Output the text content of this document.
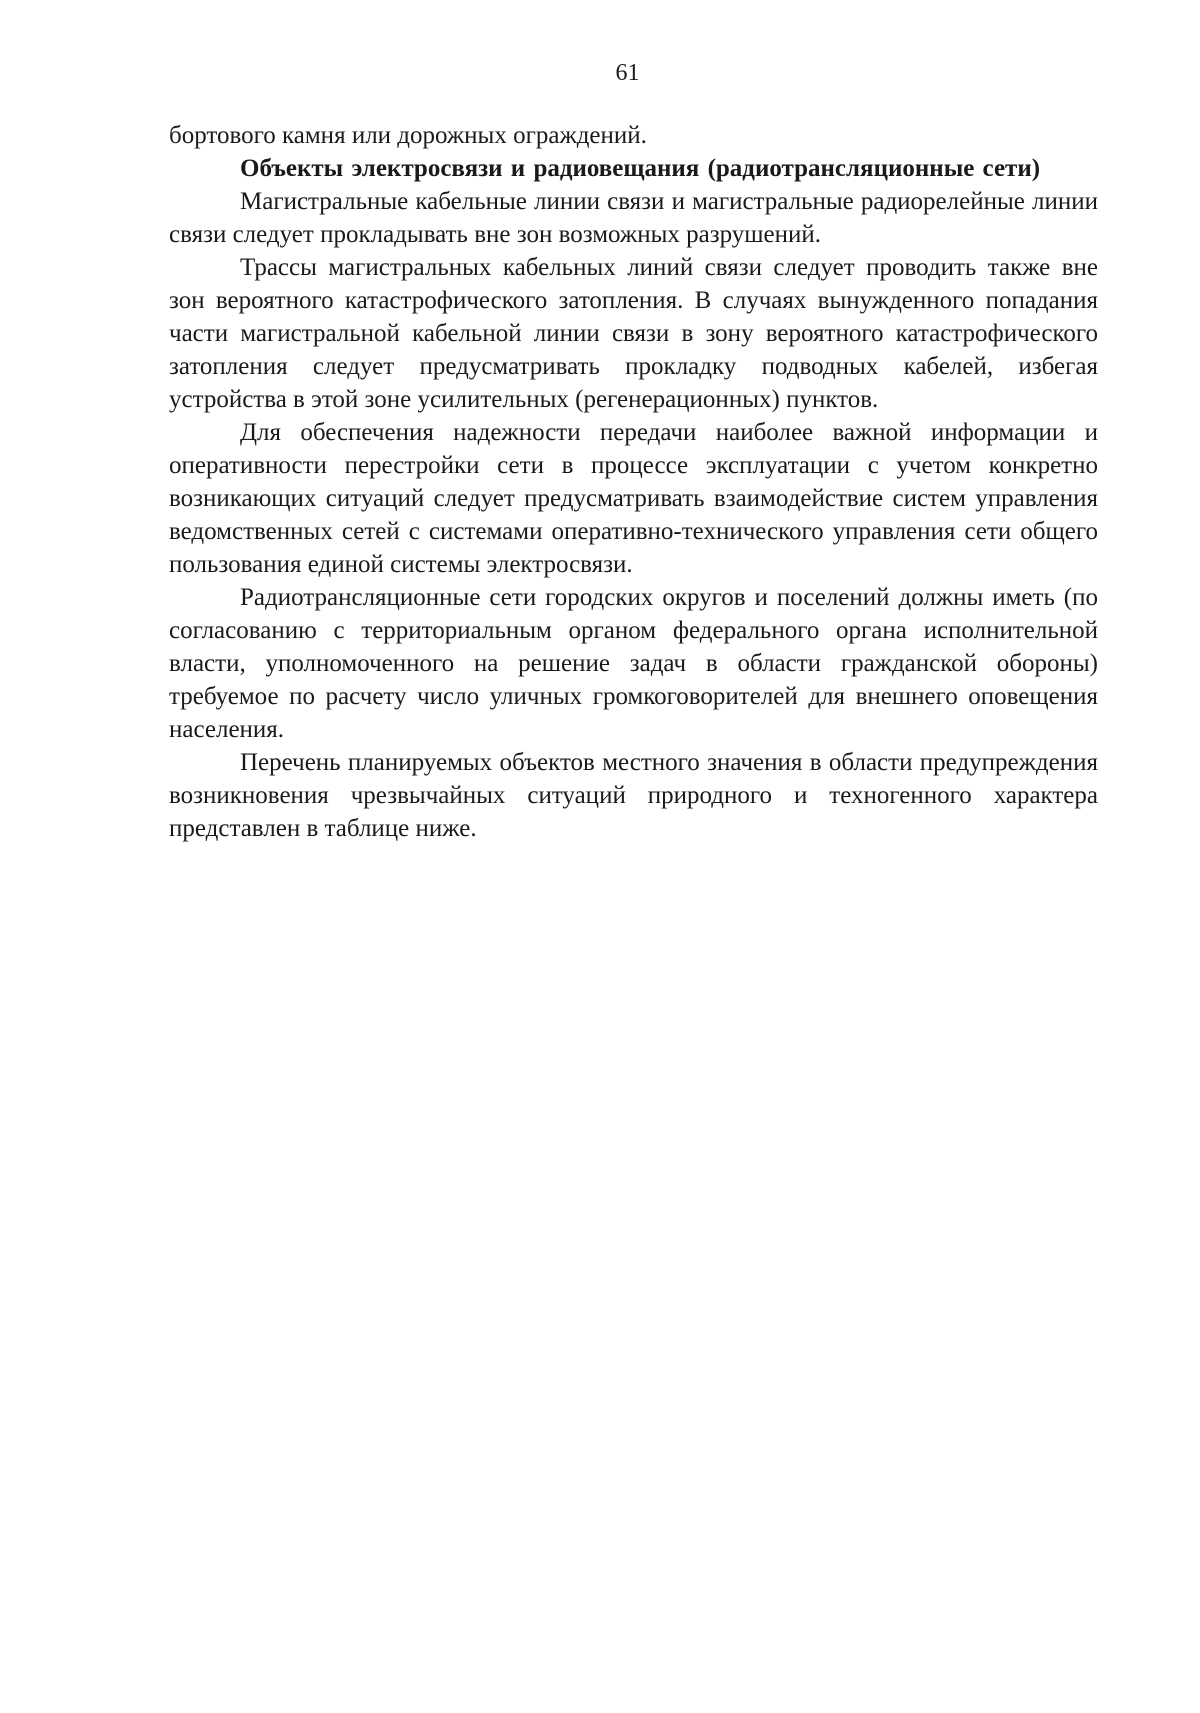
61

бортового камня или дорожных ограждений.

Объекты электросвязи и радиовещания (радиотрансляционные сети)

Магистральные кабельные линии связи и магистральные радиорелейные линии связи следует прокладывать вне зон возможных разрушений.

Трассы магистральных кабельных линий связи следует проводить также вне зон вероятного катастрофического затопления. В случаях вынужденного попадания части магистральной кабельной линии связи в зону вероятного катастрофического затопления следует предусматривать прокладку подводных кабелей, избегая устройства в этой зоне усилительных (регенерационных) пунктов.

Для обеспечения надежности передачи наиболее важной информации и оперативности перестройки сети в процессе эксплуатации с учетом конкретно возникающих ситуаций следует предусматривать взаимодействие систем управления ведомственных сетей с системами оперативно-технического управления сети общего пользования единой системы электросвязи.

Радиотрансляционные сети городских округов и поселений должны иметь (по согласованию с территориальным органом федерального органа исполнительной власти, уполномоченного на решение задач в области гражданской обороны) требуемое по расчету число уличных громкоговорителей для внешнего оповещения населения.

Перечень планируемых объектов местного значения в области предупреждения возникновения чрезвычайных ситуаций природного и техногенного характера представлен в таблице ниже.
